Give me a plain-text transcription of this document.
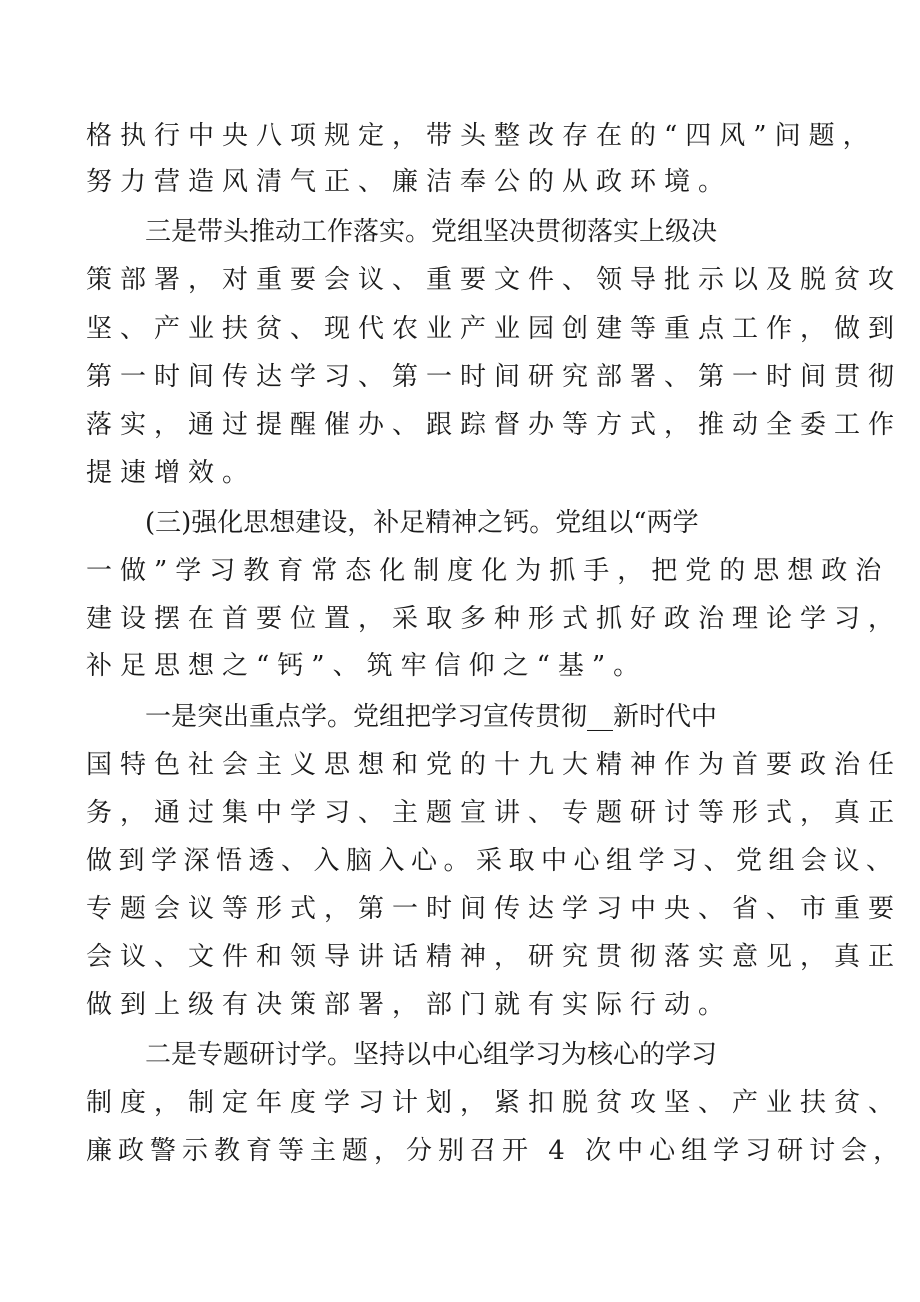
格执行中央八项规定，带头整改存在的“四风”问题，
努力营造风清气正、廉洁奉公的从政环境。
三是带头推动工作落实。党组坚决贯彻落实上级决
策部署，对重要会议、重要文件、领导批示以及脱贫攻
坚、产业扶贫、现代农业产业园创建等重点工作，做到
第一时间传达学习、第一时间研究部署、第一时间贯彻
落实，通过提醒催办、跟踪督办等方式，推动全委工作
提速增效。
(三)强化思想建设，补足精神之钙。党组以“两学
一做”学习教育常态化制度化为抓手，把党的思想政治
建设摆在首要位置，采取多种形式抓好政治理论学习，
补足思想之“钙”、筑牢信仰之“基”。
一是突出重点学。党组把学习宣传贯彻__新时代中
国特色社会主义思想和党的十九大精神作为首要政治任
务，通过集中学习、主题宣讲、专题研讨等形式，真正
做到学深悟透、入脑入心。采取中心组学习、党组会议、
专题会议等形式，第一时间传达学习中央、省、市重要
会议、文件和领导讲话精神，研究贯彻落实意见，真正
做到上级有决策部署，部门就有实际行动。
二是专题研讨学。坚持以中心组学习为核心的学习
制度，制定年度学习计划，紧扣脱贫攻坚、产业扶贫、
廉政警示教育等主题，分别召开 4 次中心组学习研讨会，
